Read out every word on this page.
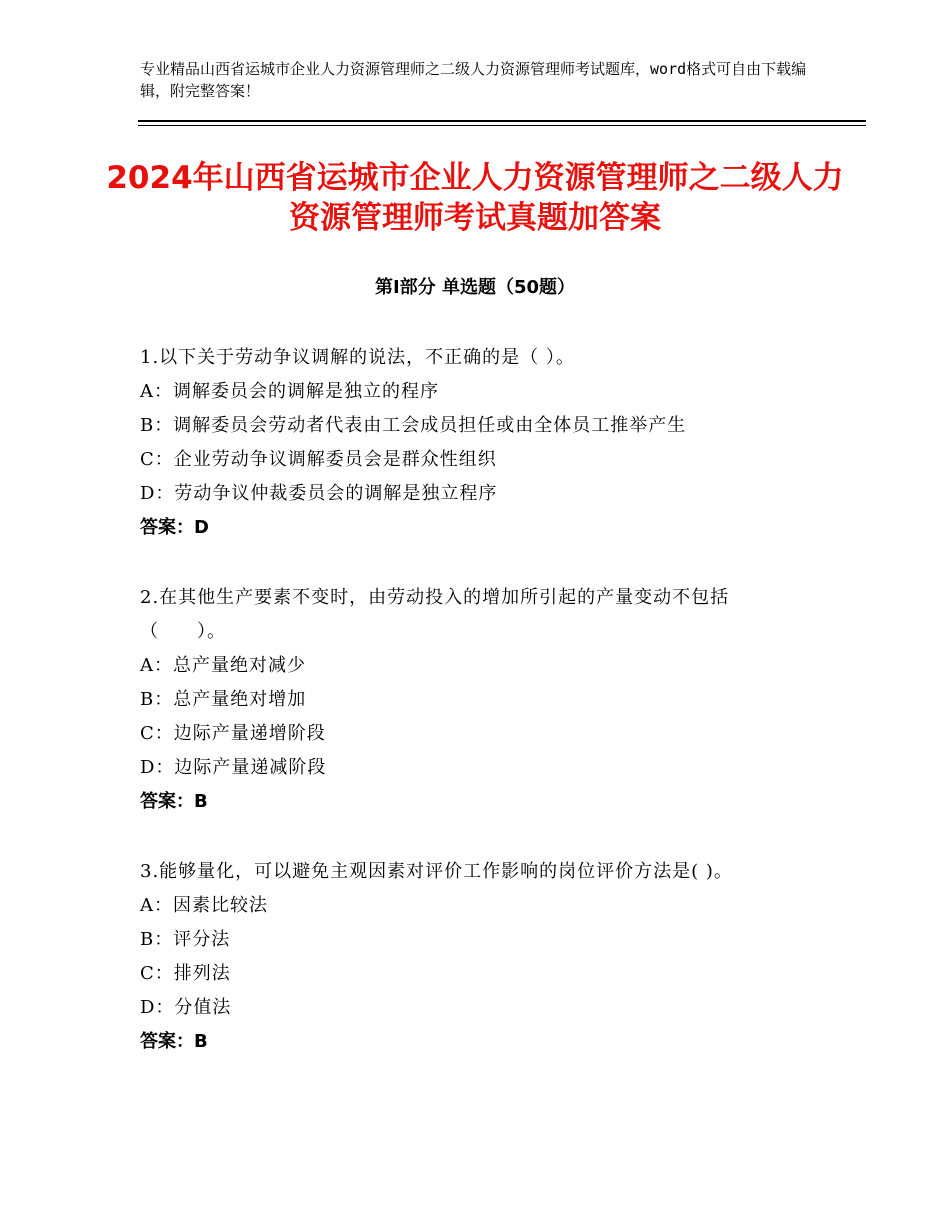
专业精品山西省运城市企业人力资源管理师之二级人力资源管理师考试题库，word格式可自由下载编辑，附完整答案！
2024年山西省运城市企业人力资源管理师之二级人力资源管理师考试真题加答案
第Ⅰ部分 单选题（50题）
1.以下关于劳动争议调解的说法，不正确的是（ ）。
A：调解委员会的调解是独立的程序
B：调解委员会劳动者代表由工会成员担任或由全体员工推举产生
C：企业劳动争议调解委员会是群众性组织
D：劳动争议仲裁委员会的调解是独立程序
答案：D
2.在其他生产要素不变时，由劳动投入的增加所引起的产量变动不包括（　　）。
A：总产量绝对减少
B：总产量绝对增加
C：边际产量递增阶段
D：边际产量递减阶段
答案：B
3.能够量化，可以避免主观因素对评价工作影响的岗位评价方法是( )。
A：因素比较法
B：评分法
C：排列法
D：分值法
答案：B
